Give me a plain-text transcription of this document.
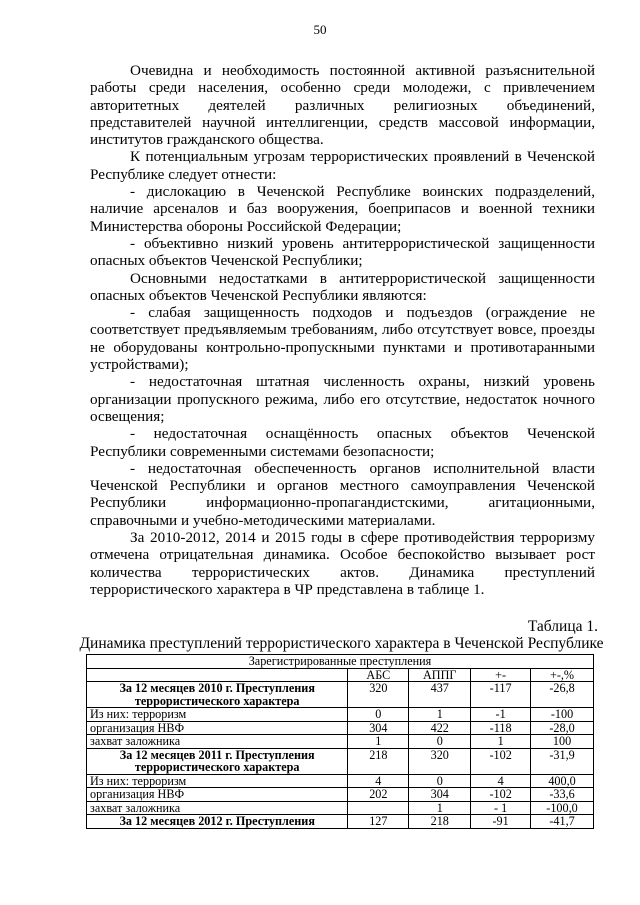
50

Очевидна и необходимость постоянной активной разъяснительной работы среди населения, особенно среди молодежи, с привлечением авторитетных деятелей различных религиозных объединений, представителей научной интеллигенции, средств массовой информации, институтов гражданского общества.

К потенциальным угрозам террористических проявлений в Чеченской Республике следует отнести:

- дислокацию в Чеченской Республике воинских подразделений, наличие арсеналов и баз вооружения, боеприпасов и военной техники Министерства обороны Российской Федерации;

- объективно низкий уровень антитеррористической защищенности опасных объектов Чеченской Республики;

Основными недостатками в антитеррористической защищенности опасных объектов Чеченской Республики являются:

- слабая защищенность подходов и подъездов (ограждение не соответствует предъявляемым требованиям, либо отсутствует вовсе, проезды не оборудованы контрольно-пропускными пунктами и противотаранными устройствами);

- недостаточная штатная численность охраны, низкий уровень организации пропускного режима, либо его отсутствие, недостаток ночного освещения;

- недостаточная оснащённость опасных объектов Чеченской Республики современными системами безопасности;

- недостаточная обеспеченность органов исполнительной власти Чеченской Республики и органов местного самоуправления Чеченской Республики информационно-пропагандистскими, агитационными, справочными и учебно-методическими материалами.

За 2010-2012, 2014 и 2015 годы в сфере противодействия терроризму отмечена отрицательная динамика. Особое беспокойство вызывает рост количества террористических актов. Динамика преступлений террористического характера в ЧР представлена в таблице 1.

Таблица 1.
Динамика преступлений террористического характера в Чеченской Республике
Зарегистрированные преступления				
	АБС	АППГ	+-	+-,%
За 12 месяцев 2010 г. Преступления террористического характера	320	437	-117	-26,8
Из них: терроризм	0	1	-1	-100
организация НВФ	304	422	-118	-28,0
захват заложника	1	0	1	100
За 12 месяцев 2011 г. Преступления террористического характера	218	320	-102	-31,9
Из них: терроризм	4	0	4	400,0
организация НВФ	202	304	-102	-33,6
захват заложника		1	- 1	-100,0
За 12 месяцев 2012 г. Преступления	127	218	-91	-41,7
